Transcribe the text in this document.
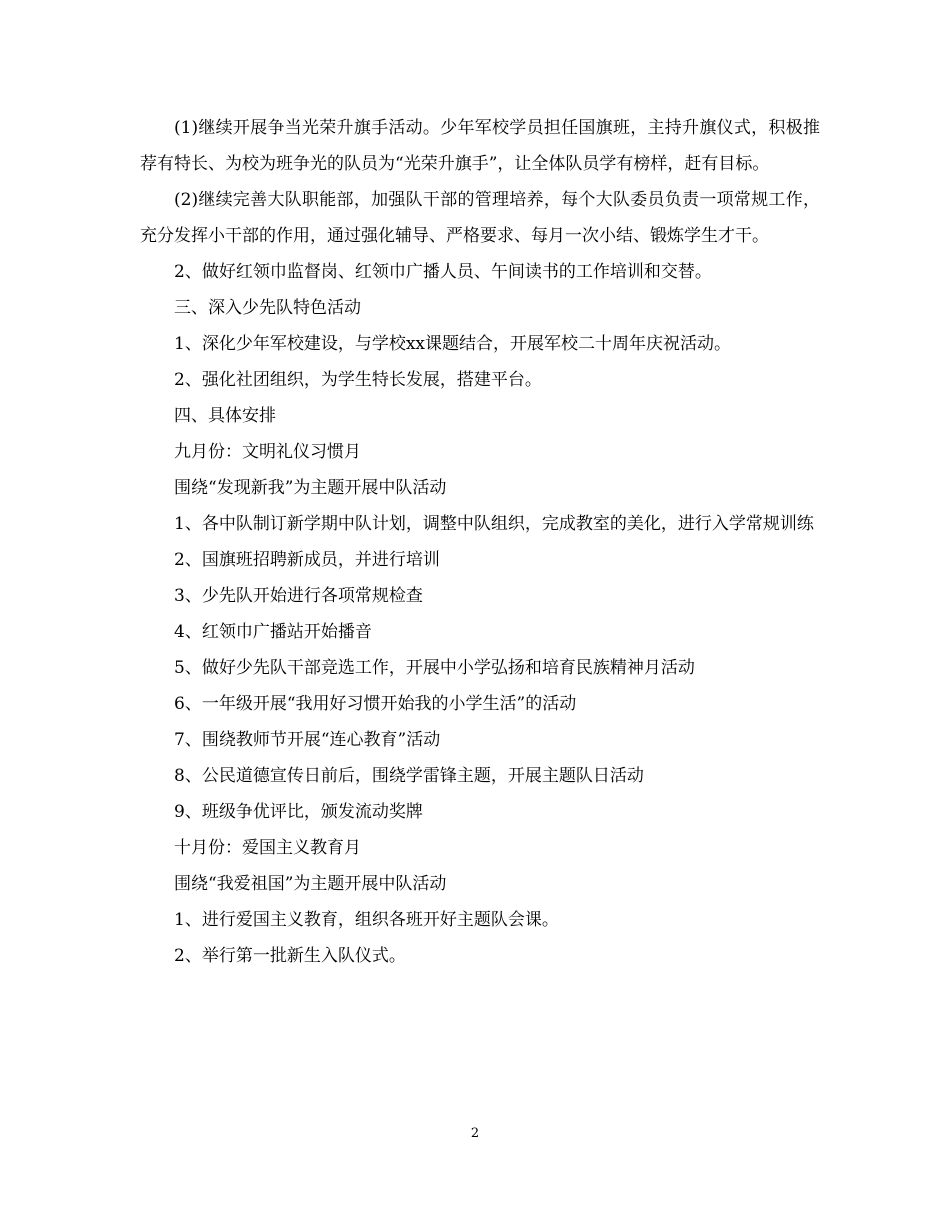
(1)继续开展争当光荣升旗手活动。少年军校学员担任国旗班，主持升旗仪式，积极推荐有特长、为校为班争光的队员为“光荣升旗手”，让全体队员学有榜样，赶有目标。

(2)继续完善大队职能部，加强队干部的管理培养，每个大队委员负责一项常规工作，充分发挥小干部的作用，通过强化辅导、严格要求、每月一次小结、锻炼学生才干。

2、做好红领巾监督岗、红领巾广播人员、午间读书的工作培训和交替。

三、深入少先队特色活动

1、深化少年军校建设，与学校xx课题结合，开展军校二十周年庆祝活动。

2、强化社团组织，为学生特长发展，搭建平台。

四、具体安排

九月份：文明礼仪习惯月

围绕“发现新我”为主题开展中队活动

1、各中队制订新学期中队计划，调整中队组织，完成教室的美化，进行入学常规训练

2、国旗班招聘新成员，并进行培训

3、少先队开始进行各项常规检查

4、红领巾广播站开始播音

5、做好少先队干部竞选工作，开展中小学弘扬和培育民族精神月活动

6、一年级开展“我用好习惯开始我的小学生活”的活动

7、围绕教师节开展“连心教育”活动

8、公民道德宣传日前后，围绕学雷锋主题，开展主题队日活动

9、班级争优评比，颁发流动奖牌

十月份：爱国主义教育月

围绕“我爱祖国”为主题开展中队活动

1、进行爱国主义教育，组织各班开好主题队会课。

2、举行第一批新生入队仪式。

2
